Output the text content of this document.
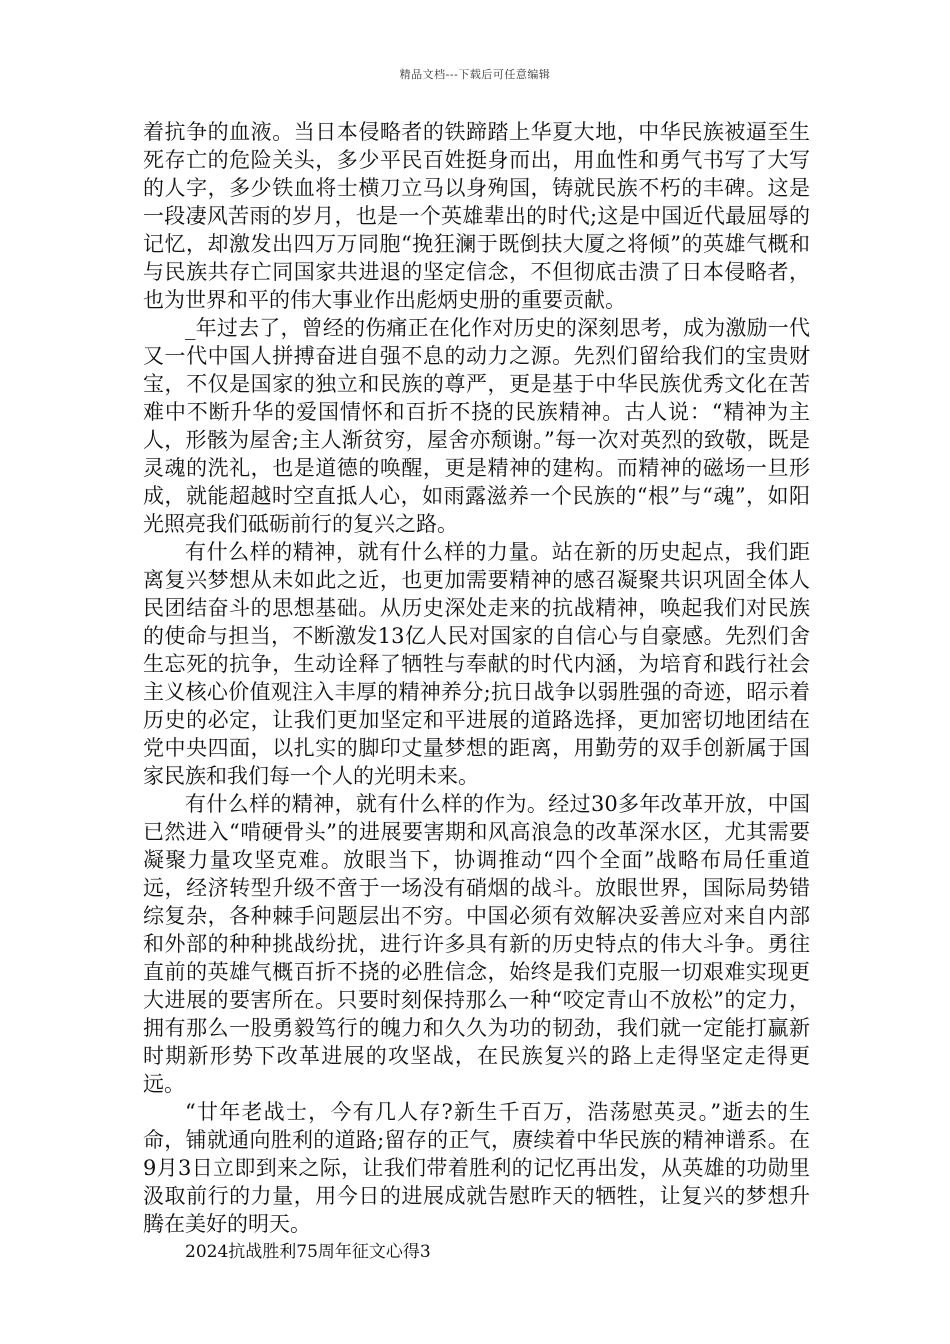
精品文档---下载后可任意编辑

着抗争的血液。当日本侵略者的铁蹄踏上华夏大地，中华民族被逼至生死存亡的危险关头，多少平民百姓挺身而出，用血性和勇气书写了大写的人字，多少铁血将士横刀立马以身殉国，铸就民族不朽的丰碑。这是一段凄风苦雨的岁月，也是一个英雄辈出的时代;这是中国近代最屈辱的记忆，却激发出四万万同胞“挽狂澜于既倒扶大厦之将倾”的英雄气概和与民族共存亡同国家共进退的坚定信念，不但彻底击溃了日本侵略者，也为世界和平的伟大事业作出彪炳史册的重要贡献。

_年过去了，曾经的伤痛正在化作对历史的深刻思考，成为激励一代又一代中国人拼搏奋进自强不息的动力之源。先烈们留给我们的宝贵财宝，不仅是国家的独立和民族的尊严，更是基于中华民族优秀文化在苦难中不断升华的爱国情怀和百折不挠的民族精神。古人说：“精神为主人，形骸为屋舍;主人渐贫穷，屋舍亦颓谢。”每一次对英烈的致敬，既是灵魂的洗礼，也是道德的唤醒，更是精神的建构。而精神的磁场一旦形成，就能超越时空直抵人心，如雨露滋养一个民族的“根”与“魂”，如阳光照亮我们砥砺前行的复兴之路。

有什么样的精神，就有什么样的力量。站在新的历史起点，我们距离复兴梦想从未如此之近，也更加需要精神的感召凝聚共识巩固全体人民团结奋斗的思想基础。从历史深处走来的抗战精神，唤起我们对民族的使命与担当，不断激发13亿人民对国家的自信心与自豪感。先烈们舍生忘死的抗争，生动诠释了牺牲与奉献的时代内涵，为培育和践行社会主义核心价值观注入丰厚的精神养分;抗日战争以弱胜强的奇迹，昭示着历史的必定，让我们更加坚定和平进展的道路选择，更加密切地团结在党中央四面，以扎实的脚印丈量梦想的距离，用勤劳的双手创新属于国家民族和我们每一个人的光明未来。

有什么样的精神，就有什么样的作为。经过30多年改革开放，中国已然进入“啃硬骨头”的进展要害期和风高浪急的改革深水区，尤其需要凝聚力量攻坚克难。放眼当下，协调推动“四个全面”战略布局任重道远，经济转型升级不啻于一场没有硝烟的战斗。放眼世界，国际局势错综复杂，各种棘手问题层出不穷。中国必须有效解决妥善应对来自内部和外部的种种挑战纷扰，进行许多具有新的历史特点的伟大斗争。勇往直前的英雄气概百折不挠的必胜信念，始终是我们克服一切艰难实现更大进展的要害所在。只要时刻保持那么一种“咬定青山不放松”的定力，拥有那么一股勇毅笃行的魄力和久久为功的韧劲，我们就一定能打赢新时期新形势下改革进展的攻坚战，在民族复兴的路上走得坚定走得更远。

“廿年老战士，今有几人存?新生千百万，浩荡慰英灵。”逝去的生命，铺就通向胜利的道路;留存的正气，赓续着中华民族的精神谱系。在9月3日立即到来之际，让我们带着胜利的记忆再出发，从英雄的功勋里汲取前行的力量，用今日的进展成就告慰昨天的牺牲，让复兴的梦想升腾在美好的明天。

2024抗战胜利75周年征文心得3
